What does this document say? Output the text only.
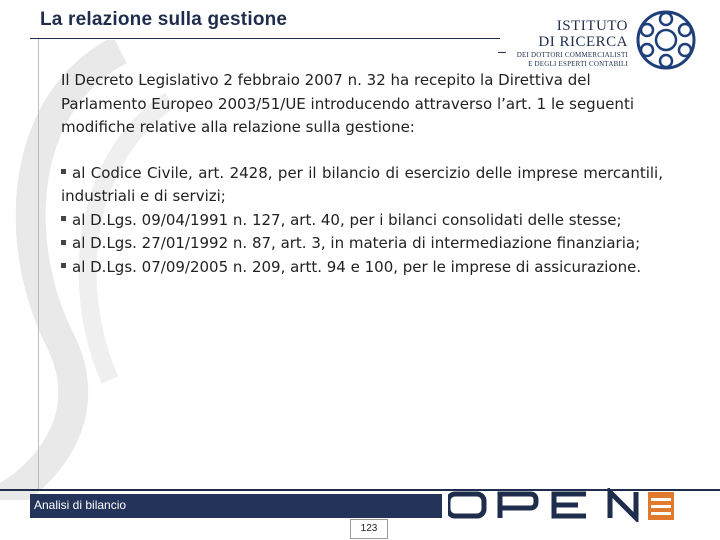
La relazione sulla gestione	ISTITUTO
DI RICERCA
DEI DOTTORI COMMERCIALISTI
E DEGLI ESPERTI CONTABILI

Il Decreto Legislativo 2 febbraio 2007 n. 32 ha recepito la Direttiva del Parlamento Europeo 2003/51/UE introducendo attraverso l’art. 1 le seguenti modifiche relative alla relazione sulla gestione:

al Codice Civile, art. 2428, per il bilancio di esercizio delle imprese mercantili, industriali e di servizi;

al D.Lgs. 09/04/1991 n. 127, art. 40, per i bilanci consolidati delle stesse;

al D.Lgs. 27/01/1992 n. 87, art. 3, in materia di intermediazione finanziaria;

al D.Lgs. 07/09/2005 n. 209, artt. 94 e 100, per le imprese di assicurazione.

Analisi di bilancio
123
